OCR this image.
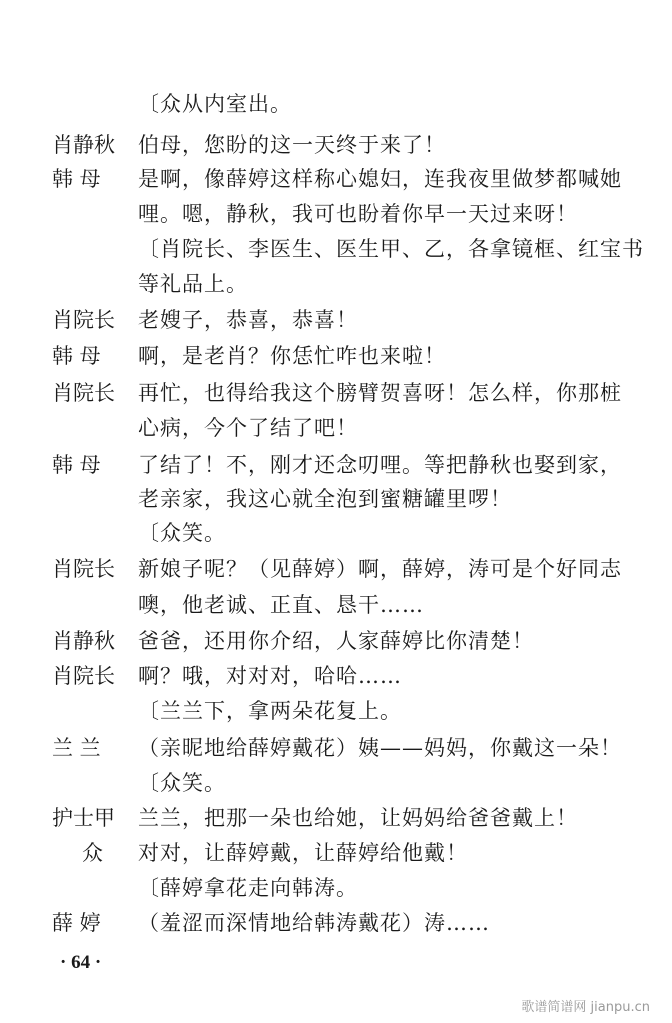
〔众从内室出。
肖静秋	伯母，您盼的这一天终于来了！
韩 母	是啊，像薛婷这样称心媳妇，连我夜里做梦都喊她
哩。嗯，静秋，我可也盼着你早一天过来呀！
〔肖院长、李医生、医生甲、乙，各拿镜框、红宝书
等礼品上。
肖院长	老嫂子，恭喜，恭喜！
韩 母	啊，是老肖？你恁忙咋也来啦！
肖院长	再忙，也得给我这个膀臂贺喜呀！怎么样，你那桩
心病，今个了结了吧！
韩 母	了结了！不，刚才还念叨哩。等把静秋也娶到家，
老亲家，我这心就全泡到蜜糖罐里啰！
〔众笑。
肖院长	新娘子呢？（见薛婷）啊，薛婷，涛可是个好同志
噢，他老诚、正直、恳干……
肖静秋	爸爸，还用你介绍，人家薛婷比你清楚！
肖院长	啊？哦，对对对，哈哈……
〔兰兰下，拿两朵花复上。
兰 兰	（亲昵地给薛婷戴花）姨——妈妈，你戴这一朵！
〔众笑。
护士甲	兰兰，把那一朵也给她，让妈妈给爸爸戴上！
众	对对，让薛婷戴，让薛婷给他戴！
〔薛婷拿花走向韩涛。
薛 婷	（羞涩而深情地给韩涛戴花）涛……
· 64 ·
歌谱简谱网 jianpu.cn
